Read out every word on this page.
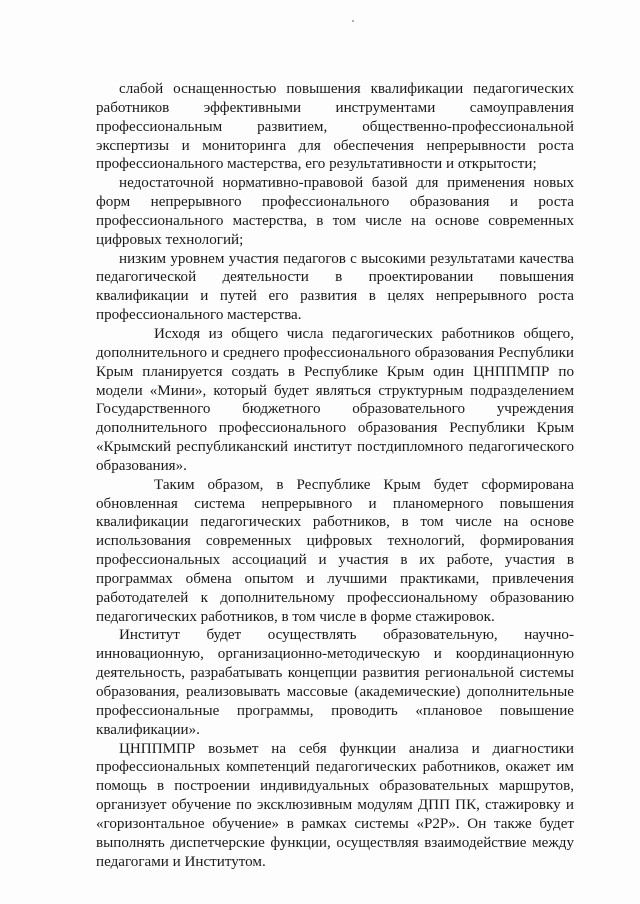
слабой оснащенностью повышения квалификации педагогических работников эффективными инструментами самоуправления профессиональным развитием, общественно-профессиональной экспертизы и мониторинга для обеспечения непрерывности роста профессионального мастерства, его результативности и открытости;

недостаточной нормативно-правовой базой для применения новых форм непрерывного профессионального образования и роста профессионального мастерства, в том числе на основе современных цифровых технологий;

низким уровнем участия педагогов с высокими результатами качества педагогической деятельности в проектировании повышения квалификации и путей его развития в целях непрерывного роста профессионального мастерства.

Исходя из общего числа педагогических работников общего, дополнительного и среднего профессионального образования Республики Крым планируется создать в Республике Крым один ЦНППМПР по модели «Мини», который будет являться структурным подразделением Государственного бюджетного образовательного учреждения дополнительного профессионального образования Республики Крым «Крымский республиканский институт постдипломного педагогического образования».

Таким образом, в Республике Крым будет сформирована обновленная система непрерывного и планомерного повышения квалификации педагогических работников, в том числе на основе использования современных цифровых технологий, формирования профессиональных ассоциаций и участия в их работе, участия в программах обмена опытом и лучшими практиками, привлечения работодателей к дополнительному профессиональному образованию педагогических работников, в том числе в форме стажировок.

Институт будет осуществлять образовательную, научно-инновационную, организационно-методическую и координационную деятельность, разрабатывать концепции развития региональной системы образования, реализовывать массовые (академические) дополнительные профессиональные программы, проводить «плановое повышение квалификации».

ЦНППМПР возьмет на себя функции анализа и диагностики профессиональных компетенций педагогических работников, окажет им помощь в построении индивидуальных образовательных маршрутов, организует обучение по эксклюзивным модулям ДПП ПК, стажировку и «горизонтальное обучение» в рамках системы «P2P». Он также будет выполнять диспетчерские функции, осуществляя взаимодействие между педагогами и Институтом.
